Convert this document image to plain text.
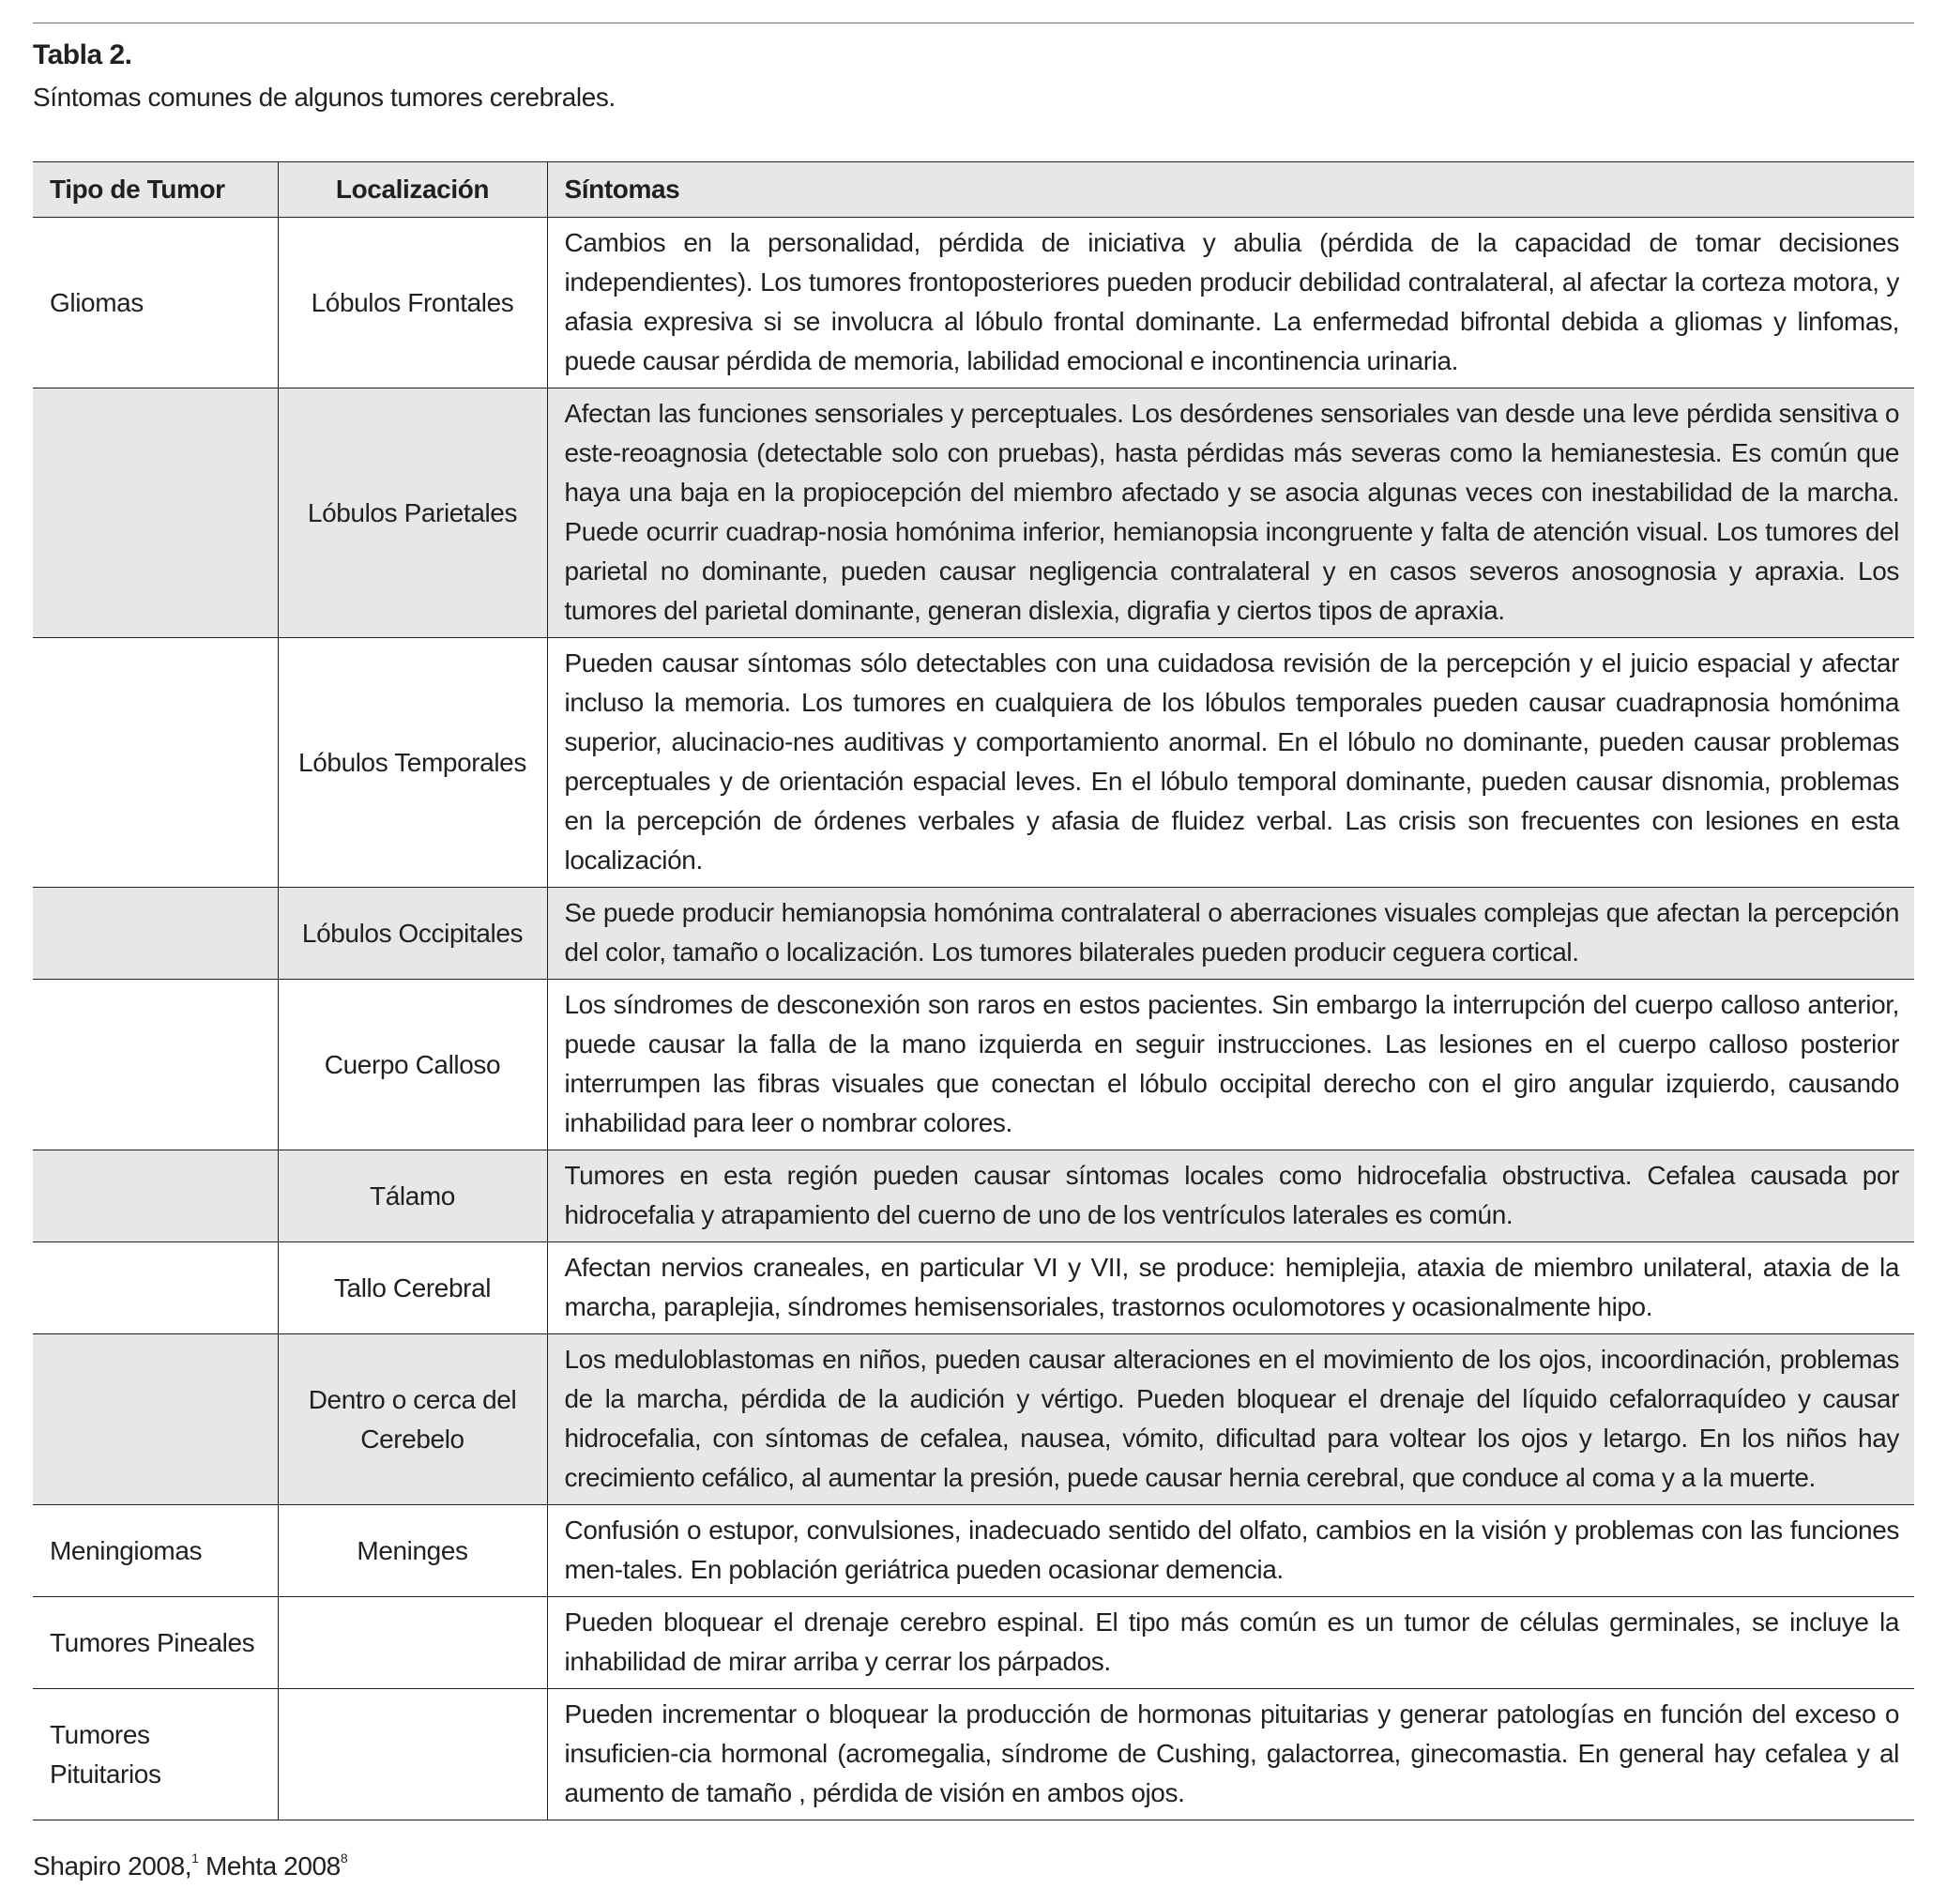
Tabla 2.
Síntomas comunes de algunos tumores cerebrales.
Tipo de Tumor	Localización	Síntomas
Gliomas	Lóbulos Frontales	Cambios en la personalidad, pérdida de iniciativa y abulia (pérdida de la capacidad de tomar decisiones independientes). Los tumores frontoposteriores pueden producir debilidad contralateral, al afectar la corteza motora, y afasia expresiva si se involucra al lóbulo frontal dominante. La enfermedad bifrontal debida a gliomas y linfomas, puede causar pérdida de memoria, labilidad emocional e incontinencia urinaria.
	Lóbulos Parietales	Afectan las funciones sensoriales y perceptuales. Los desórdenes sensoriales van desde una leve pérdida sensitiva o este-reoagnosia (detectable solo con pruebas), hasta pérdidas más severas como la hemianestesia. Es común que haya una baja en la propiocepción del miembro afectado y se asocia algunas veces con inestabilidad de la marcha. Puede ocurrir cuadrap-nosia homónima inferior, hemianopsia incongruente y falta de atención visual. Los tumores del parietal no dominante, pueden causar negligencia contralateral y en casos severos anosognosia y apraxia. Los tumores del parietal dominante, generan dislexia, digrafia y ciertos tipos de apraxia.
	Lóbulos Temporales	Pueden causar síntomas sólo detectables con una cuidadosa revisión de la percepción y el juicio espacial y afectar incluso la memoria. Los tumores en cualquiera de los lóbulos temporales pueden causar cuadrapnosia homónima superior, alucinacio-nes auditivas y comportamiento anormal. En el lóbulo no dominante, pueden causar problemas perceptuales y de orientación espacial leves. En el lóbulo temporal dominante, pueden causar disnomia, problemas en la percepción de órdenes verbales y afasia de fluidez verbal. Las crisis son frecuentes con lesiones en esta localización.
	Lóbulos Occipitales	Se puede producir hemianopsia homónima contralateral o aberraciones visuales complejas que afectan la percepción del color, tamaño o localización. Los tumores bilaterales pueden producir ceguera cortical.
	Cuerpo Calloso	Los síndromes de desconexión son raros en estos pacientes. Sin embargo la interrupción del cuerpo calloso anterior, puede causar la falla de la mano izquierda en seguir instrucciones. Las lesiones en el cuerpo calloso posterior interrumpen las fibras visuales que conectan el lóbulo occipital derecho con el giro angular izquierdo, causando inhabilidad para leer o nombrar colores.
	Tálamo	Tumores en esta región pueden causar síntomas locales como hidrocefalia obstructiva. Cefalea causada por hidrocefalia y atrapamiento del cuerno de uno de los ventrículos laterales es común.
	Tallo Cerebral	Afectan nervios craneales, en particular VI y VII, se produce: hemiplejia, ataxia de miembro unilateral, ataxia de la marcha, paraplejia, síndromes hemisensoriales, trastornos oculomotores y ocasionalmente hipo.
	Dentro o cerca del Cerebelo	Los meduloblastomas en niños, pueden causar alteraciones en el movimiento de los ojos, incoordinación, problemas de la marcha, pérdida de la audición y vértigo. Pueden bloquear el drenaje del líquido cefalorraquídeo y causar hidrocefalia, con síntomas de cefalea, nausea, vómito, dificultad para voltear los ojos y letargo. En los niños hay crecimiento cefálico, al aumentar la presión, puede causar hernia cerebral, que conduce al coma y a la muerte.
Meningiomas	Meninges	Confusión o estupor, convulsiones, inadecuado sentido del olfato, cambios en la visión y problemas con las funciones men-tales. En población geriátrica pueden ocasionar demencia.
Tumores Pineales		Pueden bloquear el drenaje cerebro espinal. El tipo más común es un tumor de células germinales, se incluye la inhabilidad de mirar arriba y cerrar los párpados.
Tumores Pituitarios		Pueden incrementar o bloquear la producción de hormonas pituitarias y generar patologías en función del exceso o insuficien-cia hormonal (acromegalia, síndrome de Cushing, galactorrea, ginecomastia. En general hay cefalea y al aumento de tamaño , pérdida de visión en ambos ojos.
Shapiro 2008,$^1$ Mehta 2008$^8$
